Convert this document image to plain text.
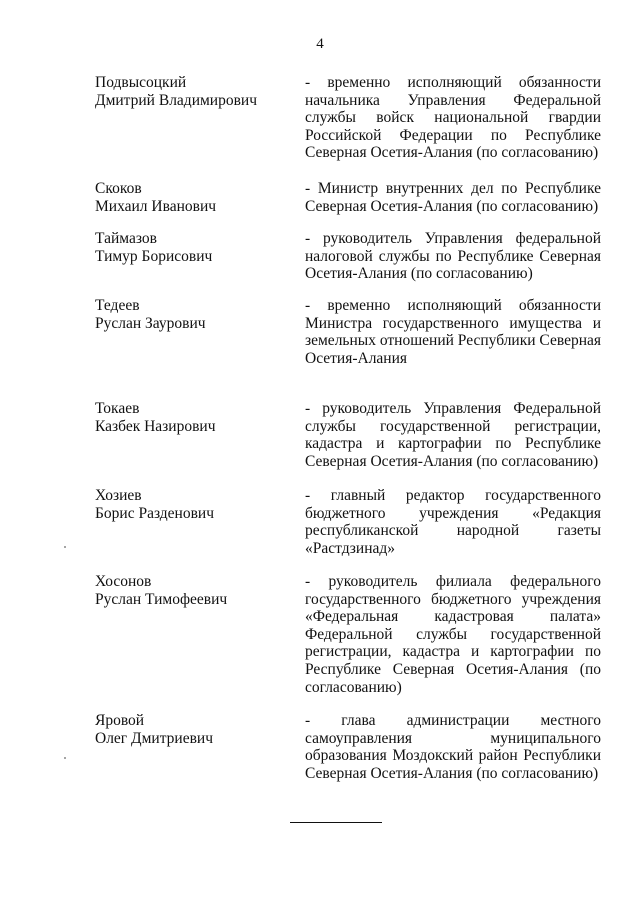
4
Подвысоцкий
Дмитрий Владимирович
- временно исполняющий обязанности начальника Управления Федеральной службы войск национальной гвардии Российской Федерации по Республике Северная Осетия-Алания (по согласованию)
Скоков
Михаил Иванович
- Министр внутренних дел по Республике Северная Осетия-Алания (по согласованию)
Таймазов
Тимур Борисович
- руководитель Управления федеральной налоговой службы по Республике Северная Осетия-Алания (по согласованию)
Тедеев
Руслан Заурович
- временно исполняющий обязанности Министра государственного имущества и земельных отношений Республики Северная Осетия-Алания
Токаев
Казбек Назирович
- руководитель Управления Федеральной службы государственной регистрации, кадастра и картографии по Республике Северная Осетия-Алания (по согласованию)
Хозиев
Борис Разденович
- главный редактор государственного бюджетного учреждения «Редакция республиканской народной газеты «Растдзинад»
Хосонов
Руслан Тимофеевич
- руководитель филиала федерального государственного бюджетного учреждения «Федеральная кадастровая палата» Федеральной службы государственной регистрации, кадастра и картографии по Республике Северная Осетия-Алания (по согласованию)
Яровой
Олег Дмитриевич
- глава администрации местного самоуправления муниципального образования Моздокский район Республики Северная Осетия-Алания (по согласованию)
